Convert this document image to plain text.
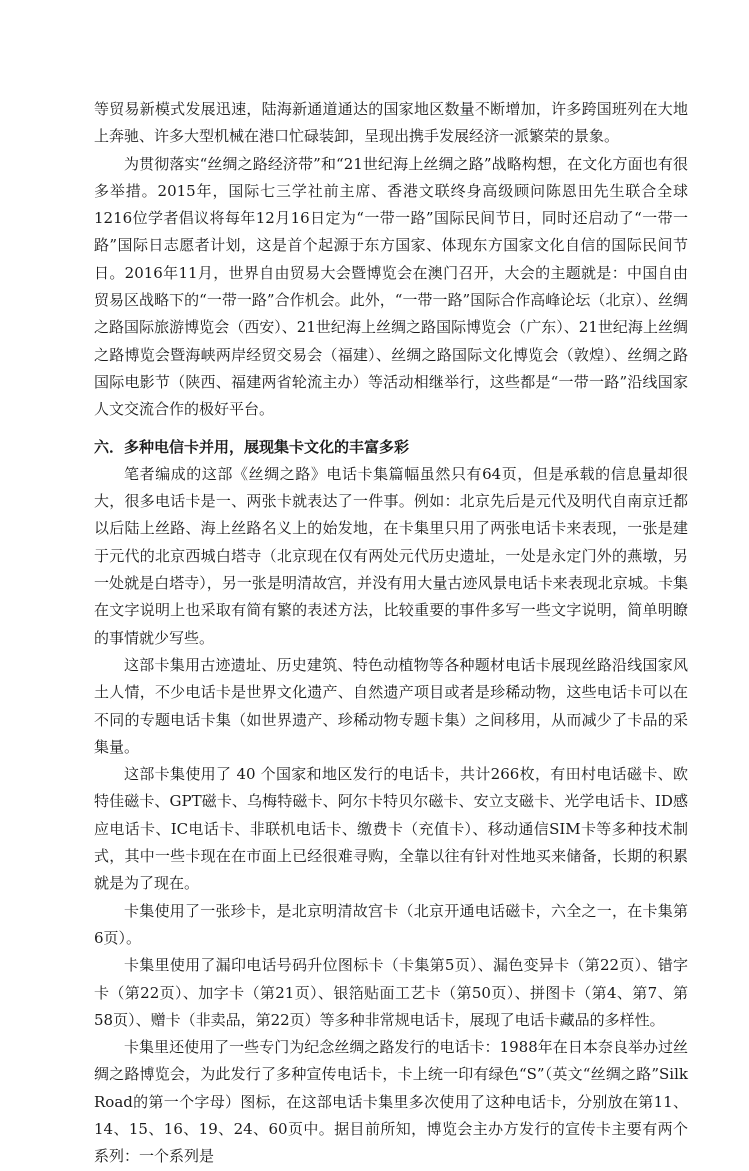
等贸易新模式发展迅速，陆海新通道通达的国家地区数量不断增加，许多跨国班列在大地上奔驰、许多大型机械在港口忙碌装卸，呈现出携手发展经济一派繁荣的景象。

为贯彻落实“丝绸之路经济带”和“21世纪海上丝绸之路”战略构想，在文化方面也有很多举措。2015年，国际七三学社前主席、香港文联终身高级顾问陈恩田先生联合全球1216位学者倡议将每年12月16日定为“一带一路”国际民间节日，同时还启动了“一带一路”国际日志愿者计划，这是首个起源于东方国家、体现东方国家文化自信的国际民间节日。2016年11月，世界自由贸易大会暨博览会在澳门召开，大会的主题就是：中国自由贸易区战略下的“一带一路”合作机会。此外，“一带一路”国际合作高峰论坛（北京）、丝绸之路国际旅游博览会（西安）、21世纪海上丝绸之路国际博览会（广东）、21世纪海上丝绸之路博览会暨海峡两岸经贸交易会（福建）、丝绸之路国际文化博览会（敦煌）、丝绸之路国际电影节（陕西、福建两省轮流主办）等活动相继举行，这些都是“一带一路”沿线国家人文交流合作的极好平台。

六．多种电信卡并用，展现集卡文化的丰富多彩

笔者编成的这部《丝绸之路》电话卡集篇幅虽然只有64页，但是承载的信息量却很大，很多电话卡是一、两张卡就表达了一件事。例如：北京先后是元代及明代自南京迁都以后陆上丝路、海上丝路名义上的始发地，在卡集里只用了两张电话卡来表现，一张是建于元代的北京西城白塔寺（北京现在仅有两处元代历史遗址，一处是永定门外的燕墩，另一处就是白塔寺），另一张是明清故宫，并没有用大量古迹风景电话卡来表现北京城。卡集在文字说明上也采取有简有繁的表述方法，比较重要的事件多写一些文字说明，简单明瞭的事情就少写些。

这部卡集用古迹遗址、历史建筑、特色动植物等各种题材电话卡展现丝路沿线国家风土人情，不少电话卡是世界文化遗产、自然遗产项目或者是珍稀动物，这些电话卡可以在不同的专题电话卡集（如世界遗产、珍稀动物专题卡集）之间移用，从而减少了卡品的采集量。

这部卡集使用了 40 个国家和地区发行的电话卡，共计266枚，有田村电话磁卡、欧特佳磁卡、GPT磁卡、乌梅特磁卡、阿尔卡特贝尔磁卡、安立支磁卡、光学电话卡、ID感应电话卡、IC电话卡、非联机电话卡、缴费卡（充值卡）、移动通信SIM卡等多种技术制式，其中一些卡现在在市面上已经很难寻购，全靠以往有针对性地买来储备，长期的积累就是为了现在。

卡集使用了一张珍卡，是北京明清故宫卡（北京开通电话磁卡，六全之一，在卡集第6页）。

卡集里使用了漏印电话号码升位图标卡（卡集第5页）、漏色变异卡（第22页）、错字卡（第22页）、加字卡（第21页）、银箔贴面工艺卡（第50页）、拼图卡（第4、第7、第58页）、赠卡（非卖品，第22页）等多种非常规电话卡，展现了电话卡藏品的多样性。

卡集里还使用了一些专门为纪念丝绸之路发行的电话卡：1988年在日本奈良举办过丝绸之路博览会，为此发行了多种宣传电话卡，卡上统一印有绿色“S”（英文“丝绸之路”Silk Road的第一个字母）图标，在这部电话卡集里多次使用了这种电话卡，分别放在第11、14、15、16、19、24、60页中。据目前所知，博览会主办方发行的宣传卡主要有两个系列：一个系列是
